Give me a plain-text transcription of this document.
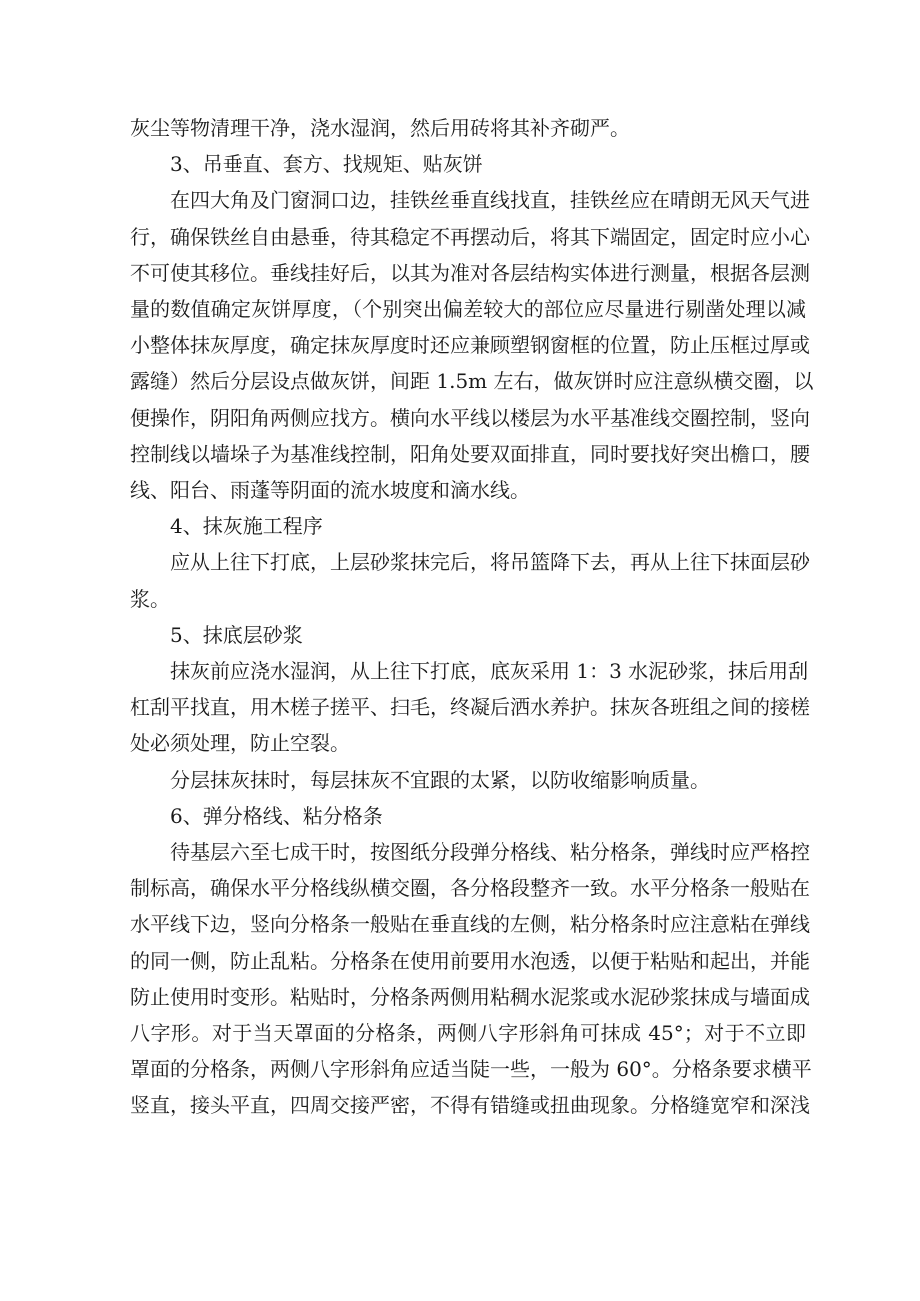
灰尘等物清理干净，浇水湿润，然后用砖将其补齐砌严。
3、吊垂直、套方、找规矩、贴灰饼
在四大角及门窗洞口边，挂铁丝垂直线找直，挂铁丝应在晴朗无风天气进
行，确保铁丝自由悬垂，待其稳定不再摆动后，将其下端固定，固定时应小心
不可使其移位。垂线挂好后，以其为准对各层结构实体进行测量，根据各层测
量的数值确定灰饼厚度，（个别突出偏差较大的部位应尽量进行剔凿处理以减
小整体抹灰厚度，确定抹灰厚度时还应兼顾塑钢窗框的位置，防止压框过厚或
露缝）然后分层设点做灰饼，间距 1.5m 左右，做灰饼时应注意纵横交圈，以
便操作，阴阳角两侧应找方。横向水平线以楼层为水平基准线交圈控制，竖向
控制线以墙垛子为基准线控制，阳角处要双面排直，同时要找好突出檐口，腰
线、阳台、雨蓬等阴面的流水坡度和滴水线。
4、抹灰施工程序
应从上往下打底，上层砂浆抹完后，将吊篮降下去，再从上往下抹面层砂
浆。
5、抹底层砂浆
抹灰前应浇水湿润，从上往下打底，底灰采用 1：3 水泥砂浆，抹后用刮
杠刮平找直，用木槎子搓平、扫毛，终凝后洒水养护。抹灰各班组之间的接槎
处必须处理，防止空裂。
分层抹灰抹时，每层抹灰不宜跟的太紧，以防收缩影响质量。
6、弹分格线、粘分格条
待基层六至七成干时，按图纸分段弹分格线、粘分格条，弹线时应严格控
制标高，确保水平分格线纵横交圈，各分格段整齐一致。水平分格条一般贴在
水平线下边，竖向分格条一般贴在垂直线的左侧，粘分格条时应注意粘在弹线
的同一侧，防止乱粘。分格条在使用前要用水泡透，以便于粘贴和起出，并能
防止使用时变形。粘贴时，分格条两侧用粘稠水泥浆或水泥砂浆抹成与墙面成
八字形。对于当天罩面的分格条，两侧八字形斜角可抹成 45°；对于不立即
罩面的分格条，两侧八字形斜角应适当陡一些，一般为 60°。分格条要求横平
竖直，接头平直，四周交接严密，不得有错缝或扭曲现象。分格缝宽窄和深浅
